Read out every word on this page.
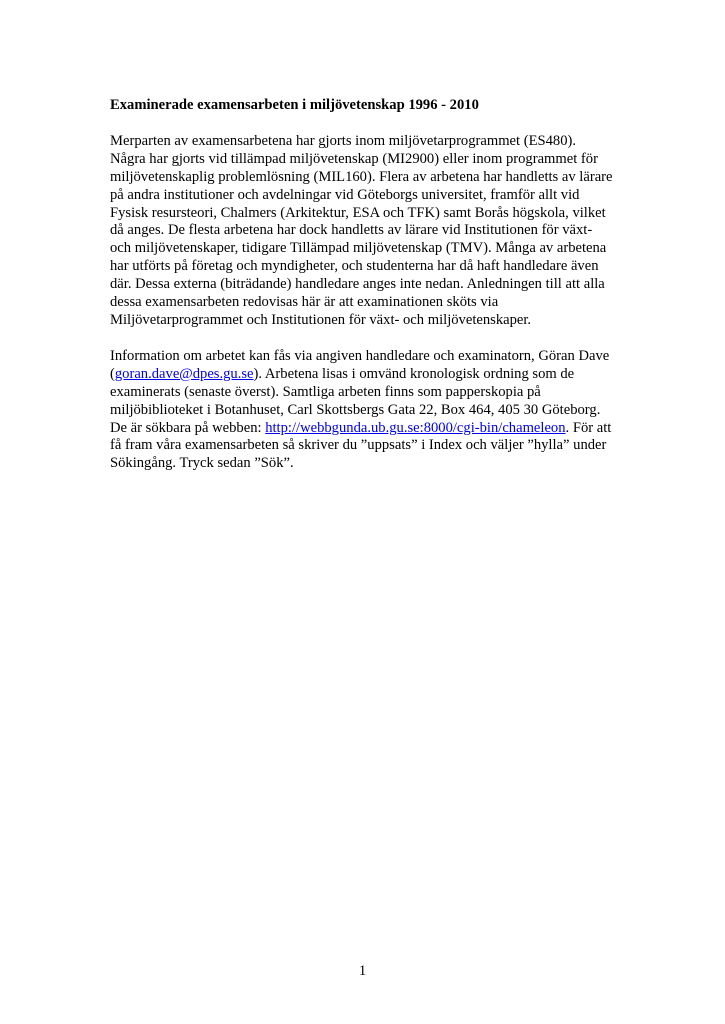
Examinerade examensarbeten i miljövetenskap 1996 - 2010
Merparten av examensarbetena har gjorts inom miljövetarprogrammet (ES480).
Några har gjorts vid tillämpad miljövetenskap (MI2900) eller inom programmet för
miljövetenskaplig problemlösning (MIL160). Flera av arbetena har handletts av lärare
på andra institutioner och avdelningar vid Göteborgs universitet, framför allt vid
Fysisk resursteori, Chalmers (Arkitektur, ESA och TFK) samt Borås högskola, vilket
då anges. De flesta arbetena har dock handletts av lärare vid Institutionen för växt-
och miljövetenskaper, tidigare Tillämpad miljövetenskap (TMV). Många av arbetena
har utförts på företag och myndigheter, och studenterna har då haft handledare även
där. Dessa externa (biträdande) handledare anges inte nedan. Anledningen till att alla
dessa examensarbeten redovisas här är att examinationen sköts via
Miljövetarprogrammet och Institutionen för växt- och miljövetenskaper.
Information om arbetet kan fås via angiven handledare och examinatorn, Göran Dave
(goran.dave@dpes.gu.se). Arbetena lisas i omvänd kronologisk ordning som de
examinerats (senaste överst). Samtliga arbeten finns som papperskopia på
miljöbiblioteket i Botanhuset, Carl Skottsbergs Gata 22, Box 464, 405 30 Göteborg.
De är sökbara på webben: http://webbgunda.ub.gu.se:8000/cgi-bin/chameleon. För att
få fram våra examensarbeten så skriver du ”uppsats” i Index och väljer ”hylla” under
Sökingång. Tryck sedan ”Sök”.
1
